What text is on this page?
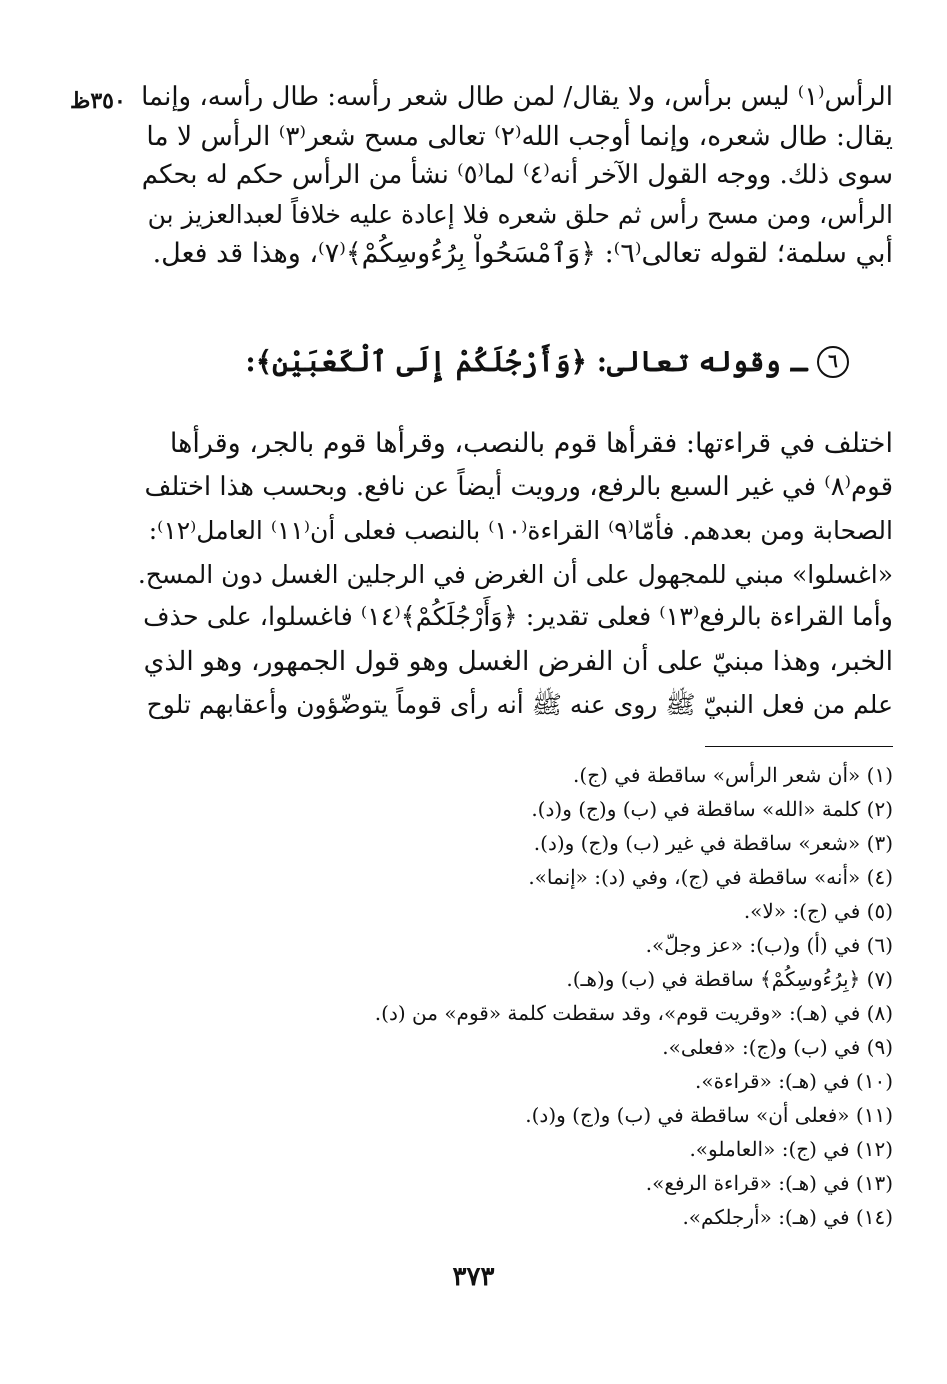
٣٥٠ظ الرأس⁽١⁾ ليس برأس، ولا يقال/ لمن طال شعر رأسه: طال رأسه، وإنما
يقال: طال شعره، وإنما أوجب الله⁽٢⁾ تعالى مسح شعر⁽٣⁾ الرأس لا ما
سوى ذلك. ووجه القول الآخر أنه⁽٤⁾ لما⁽٥⁾ نشأ من الرأس حكم له بحكم
الرأس، ومن مسح رأس ثم حلق شعره فلا إعادة عليه خلافاً لعبدالعزيز بن
أبي سلمة؛ لقوله تعالى⁽٦⁾: ﴿وَٱمْسَحُواْ بِرُءُوسِكُمْ﴾⁽٧⁾، وهذا قد فعل.
٦
ـ وقوله تعالى: ﴿وَأَرْجُلَكُمْ إِلَى ٱلْكَعْبَيْنِ﴾:
اختلف في قراءتها: فقرأها قوم بالنصب، وقرأها قوم بالجر، وقرأها
قوم⁽٨⁾ في غير السبع بالرفع، ورويت أيضاً عن نافع. وبحسب هذا اختلف
الصحابة ومن بعدهم. فأمّا⁽٩⁾ القراءة⁽١٠⁾ بالنصب فعلى أن⁽١١⁾ العامل⁽١٢⁾:
«اغسلوا» مبني للمجهول على أن الغرض في الرجلين الغسل دون المسح.
وأما القراءة بالرفع⁽١٣⁾ فعلى تقدير: ﴿وَأَرْجُلَكُمْ﴾⁽١٤⁾ فاغسلوا، على حذف
الخبر، وهذا مبنيّ على أن الفرض الغسل وهو قول الجمهور، وهو الذي
علم من فعل النبيّ ﷺ روى عنه ﷺ أنه رأى قوماً يتوضّؤون وأعقابهم تلوح
(١) «أن شعر الرأس» ساقطة في (ج).
(٢) كلمة «الله» ساقطة في (ب) و(ج) و(د).
(٣) «شعر» ساقطة في غير (ب) و(ج) و(د).
(٤) «أنه» ساقطة في (ج)، وفي (د): «إنما».
(٥) في (ج): «لا».
(٦) في (أ) و(ب): «عز وجلّ».
(٧) ﴿بِرُءُوسِكُمْ﴾ ساقطة في (ب) و(هـ).
(٨) في (هـ): «وقريت قوم»، وقد سقطت كلمة «قوم» من (د).
(٩) في (ب) و(ج): «فعلى».
(١٠) في (هـ): «قراءة».
(١١) «فعلى أن» ساقطة في (ب) و(ج) و(د).
(١٢) في (ج): «العاملو».
(١٣) في (هـ): «قراءة الرفع».
(١٤) في (هـ): «أرجلكم».
٣٧٣
